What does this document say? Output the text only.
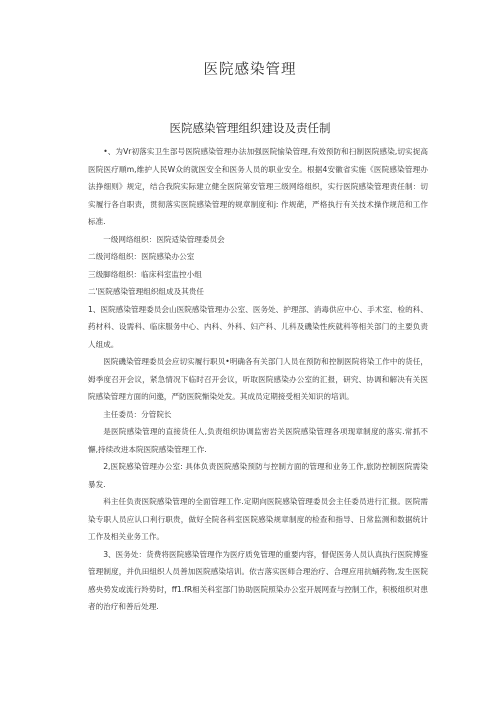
医院感染管理
医院感染管理组织建设及责任制

•、为Vr初落实卫生部号医院感染管理办法加强医院愉染管理,有效预防和扫制医院感染,切实捉高医院医疗順m,维护人民W众的就医安全和医务人员的职业安全。根据4安徽省实施《医院感染管理办法挣细则》规定，结合我院实际建立健全医院第安管理三级网络组织，实行医院感染管理责任制：切实履行各自职责，贯彻落实医院感染管理的规章制度和j: 作规葩，严格执行有关技术操作规范和工作标准.

一级网络组织：医院适染管理委员会

二级河络组织：医院感染办公室

三级脚络组织：临床科室监控小组

二'医院感染管理组织组成及其贵任

1、医院感染管理委员会山医院感染管理办公室、医务处、护理部、消毒供应中心、手术室、检的科、药材科、设需科、临床服务中心、内科、外科、妇产科、儿科及磯染性疾就科等相关部门的主要负责人组成。

医院磯染管理委员会应切实履行职贝•明确各有关部门人员在预防和控制医院将染工作中的货任，姆季度召开会议，紧急情况下临时召开会议，听取医院感染办公室的汇报，研究、协调和解决有关医院感染管理方面的问邀，严防医院惭染处发。其成员定期接受相关知识的培训。

主任委员：分管院长

是医院感染管理的直接货任人,负责组织协调监密岩关医院感染管理各项现章制度的落实.常抓不懈,持续改进本院医院感染管理工作.

2,医院感染管理办公室: 具体负责医院感染预防与控制方面的管理和业务工作,旅防控制医院需染暴发.

科主任负责医院感染管理的全面管理工作.定期向医院感染管理委员会主任委员进行汇报。医院需染专职人员应认口利行职贵，做好全院各科室医院感染规章制度的检查和指导、日常监测和数据统计工作及相关业务工作。

3、医务处：货费将医院感染管理作为医疗质免管理的重要内容，督促医务人员认真执行医院博鉴管理制度，并仇田組织人员善加医院感染培训。依吉落实医师合理治疗、合理应用抗蛹药物,发生医院感央势发或流行羚势时，ff1.fR相关科室部门协助医院照染办公室开展网查与控制工作，积极组织对患者的治疗和善后处理.
